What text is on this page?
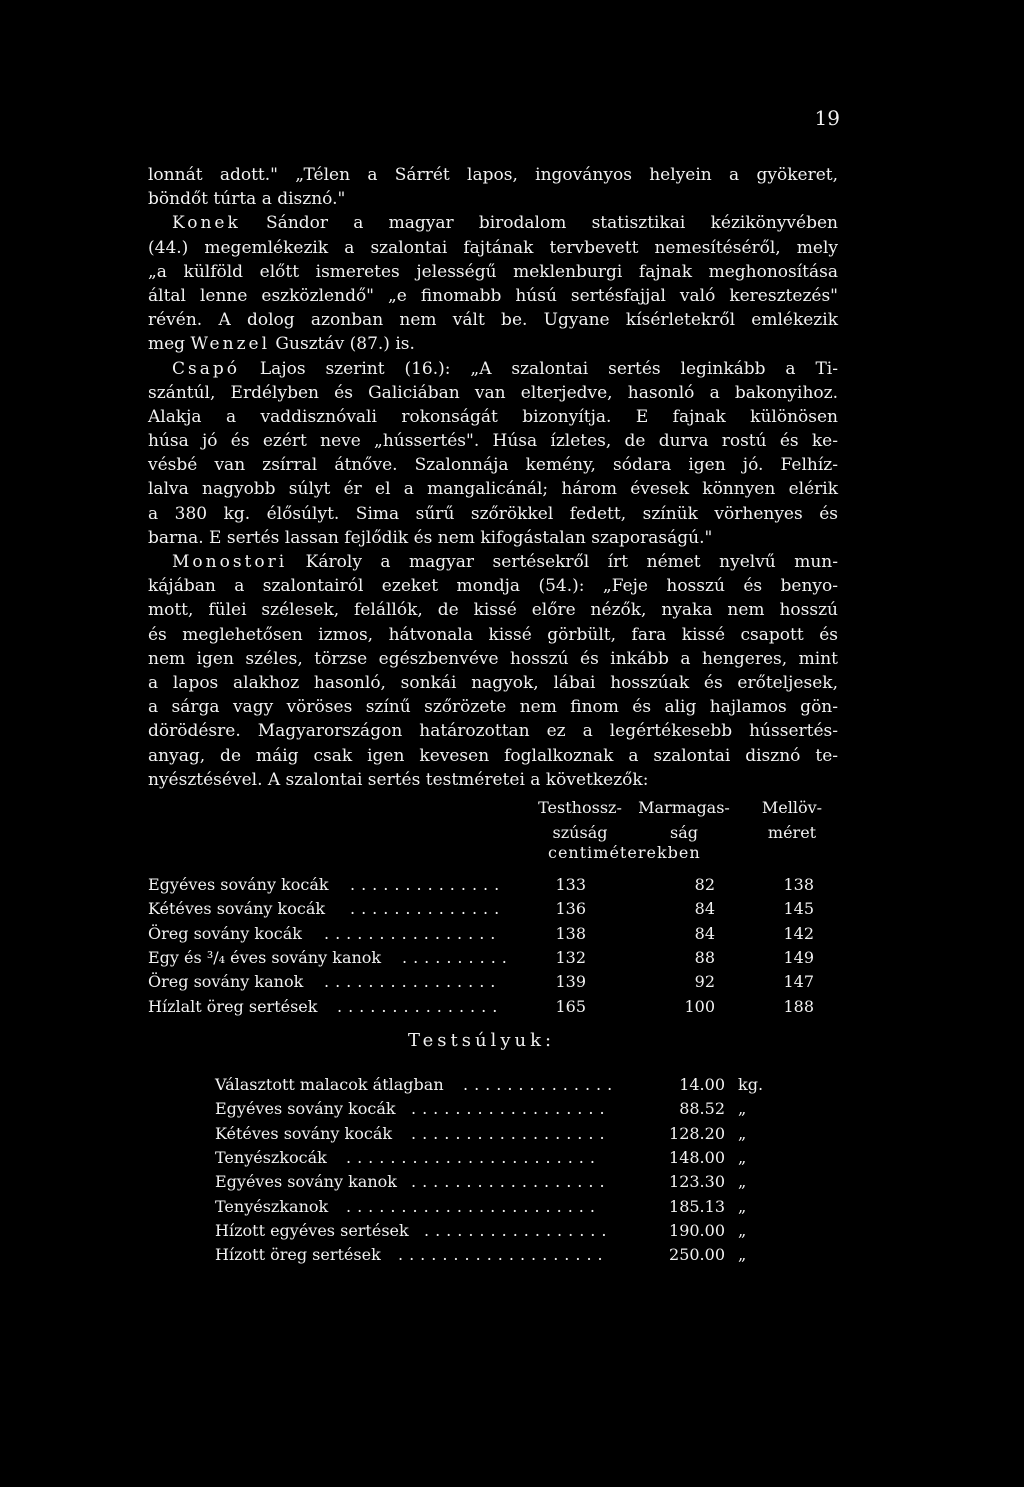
19
lonnát adott." „Télen a Sárrét lapos, ingoványos helyein a gyökeret,
böndőt túrta a disznó."
Konek Sándor a magyar birodalom statisztikai kézikönyvében
(44.) megemlékezik a szalontai fajtának tervbevett nemesítéséről, mely
„a külföld előtt ismeretes jelességű meklenburgi fajnak meghonosítása
által lenne eszközlendő" „e finomabb húsú sertésfajjal való keresztezés"
révén. A dolog azonban nem vált be. Ugyane kísérletekről emlékezik
meg Wenzel Gusztáv (87.) is.
Csapó Lajos szerint (16.): „A szalontai sertés leginkább a Ti-
szántúl, Erdélyben és Galiciában van elterjedve, hasonló a bakonyihoz.
Alakja a vaddisznóvali rokonságát bizonyítja. E fajnak különösen
húsa jó és ezért neve „hússertés". Húsa ízletes, de durva rostú és ke-
vésbé van zsírral átnőve. Szalonnája kemény, sódara igen jó. Felhíz-
lalva nagyobb súlyt ér el a mangalicánál; három évesek könnyen elérik
a 380 kg. élősúlyt. Sima sűrű szőrökkel fedett, színük vörhenyes és
barna. E sertés lassan fejlődik és nem kifogástalan szaporaságú."
Monostori Károly a magyar sertésekről írt német nyelvű mun-
kájában a szalontairól ezeket mondja (54.): „Feje hosszú és benyo-
mott, fülei szélesek, felállók, de kissé előre nézők, nyaka nem hosszú
és meglehetősen izmos, hátvonala kissé görbült, fara kissé csapott és
nem igen széles, törzse egészbenvéve hosszú és inkább a hengeres, mint
a lapos alakhoz hasonló, sonkái nagyok, lábai hosszúak és erőteljesek,
a sárga vagy vöröses színű szőrözete nem finom és alig hajlamos gön-
dörödésre. Magyarországon határozottan ez a legértékesebb hússertés-
anyag, de máig csak igen kevesen foglalkoznak a szalontai disznó te-
nyésztésével. A szalontai sertés testméretei a következők:
Testhossz-
szúság
Marmagas-
ság
Mellöv-
méret
centiméterekben
Egyéves sovány kocák ..............	133	82	138
Kétéves sovány kocák ..............	136	84	145
Öreg sovány kocák ................	138	84	142
Egy és ³/₄ éves sovány kanok ..........	132	88	149
Öreg sovány kanok ................	139	92	147
Hízlalt öreg sertések ...............	165	100	188
Testsúlyuk:
Választott malacok átlagban ..............	14.00 kg.
Egyéves sovány kocák ..................	88.52 „
Kétéves sovány kocák ..................	128.20 „
Tenyészkocák .......................	148.00 „
Egyéves sovány kanok ..................	123.30 „
Tenyészkanok .......................	185.13 „
Hízott egyéves sertések .................	190.00 „
Hízott öreg sertések ...................	250.00 „
